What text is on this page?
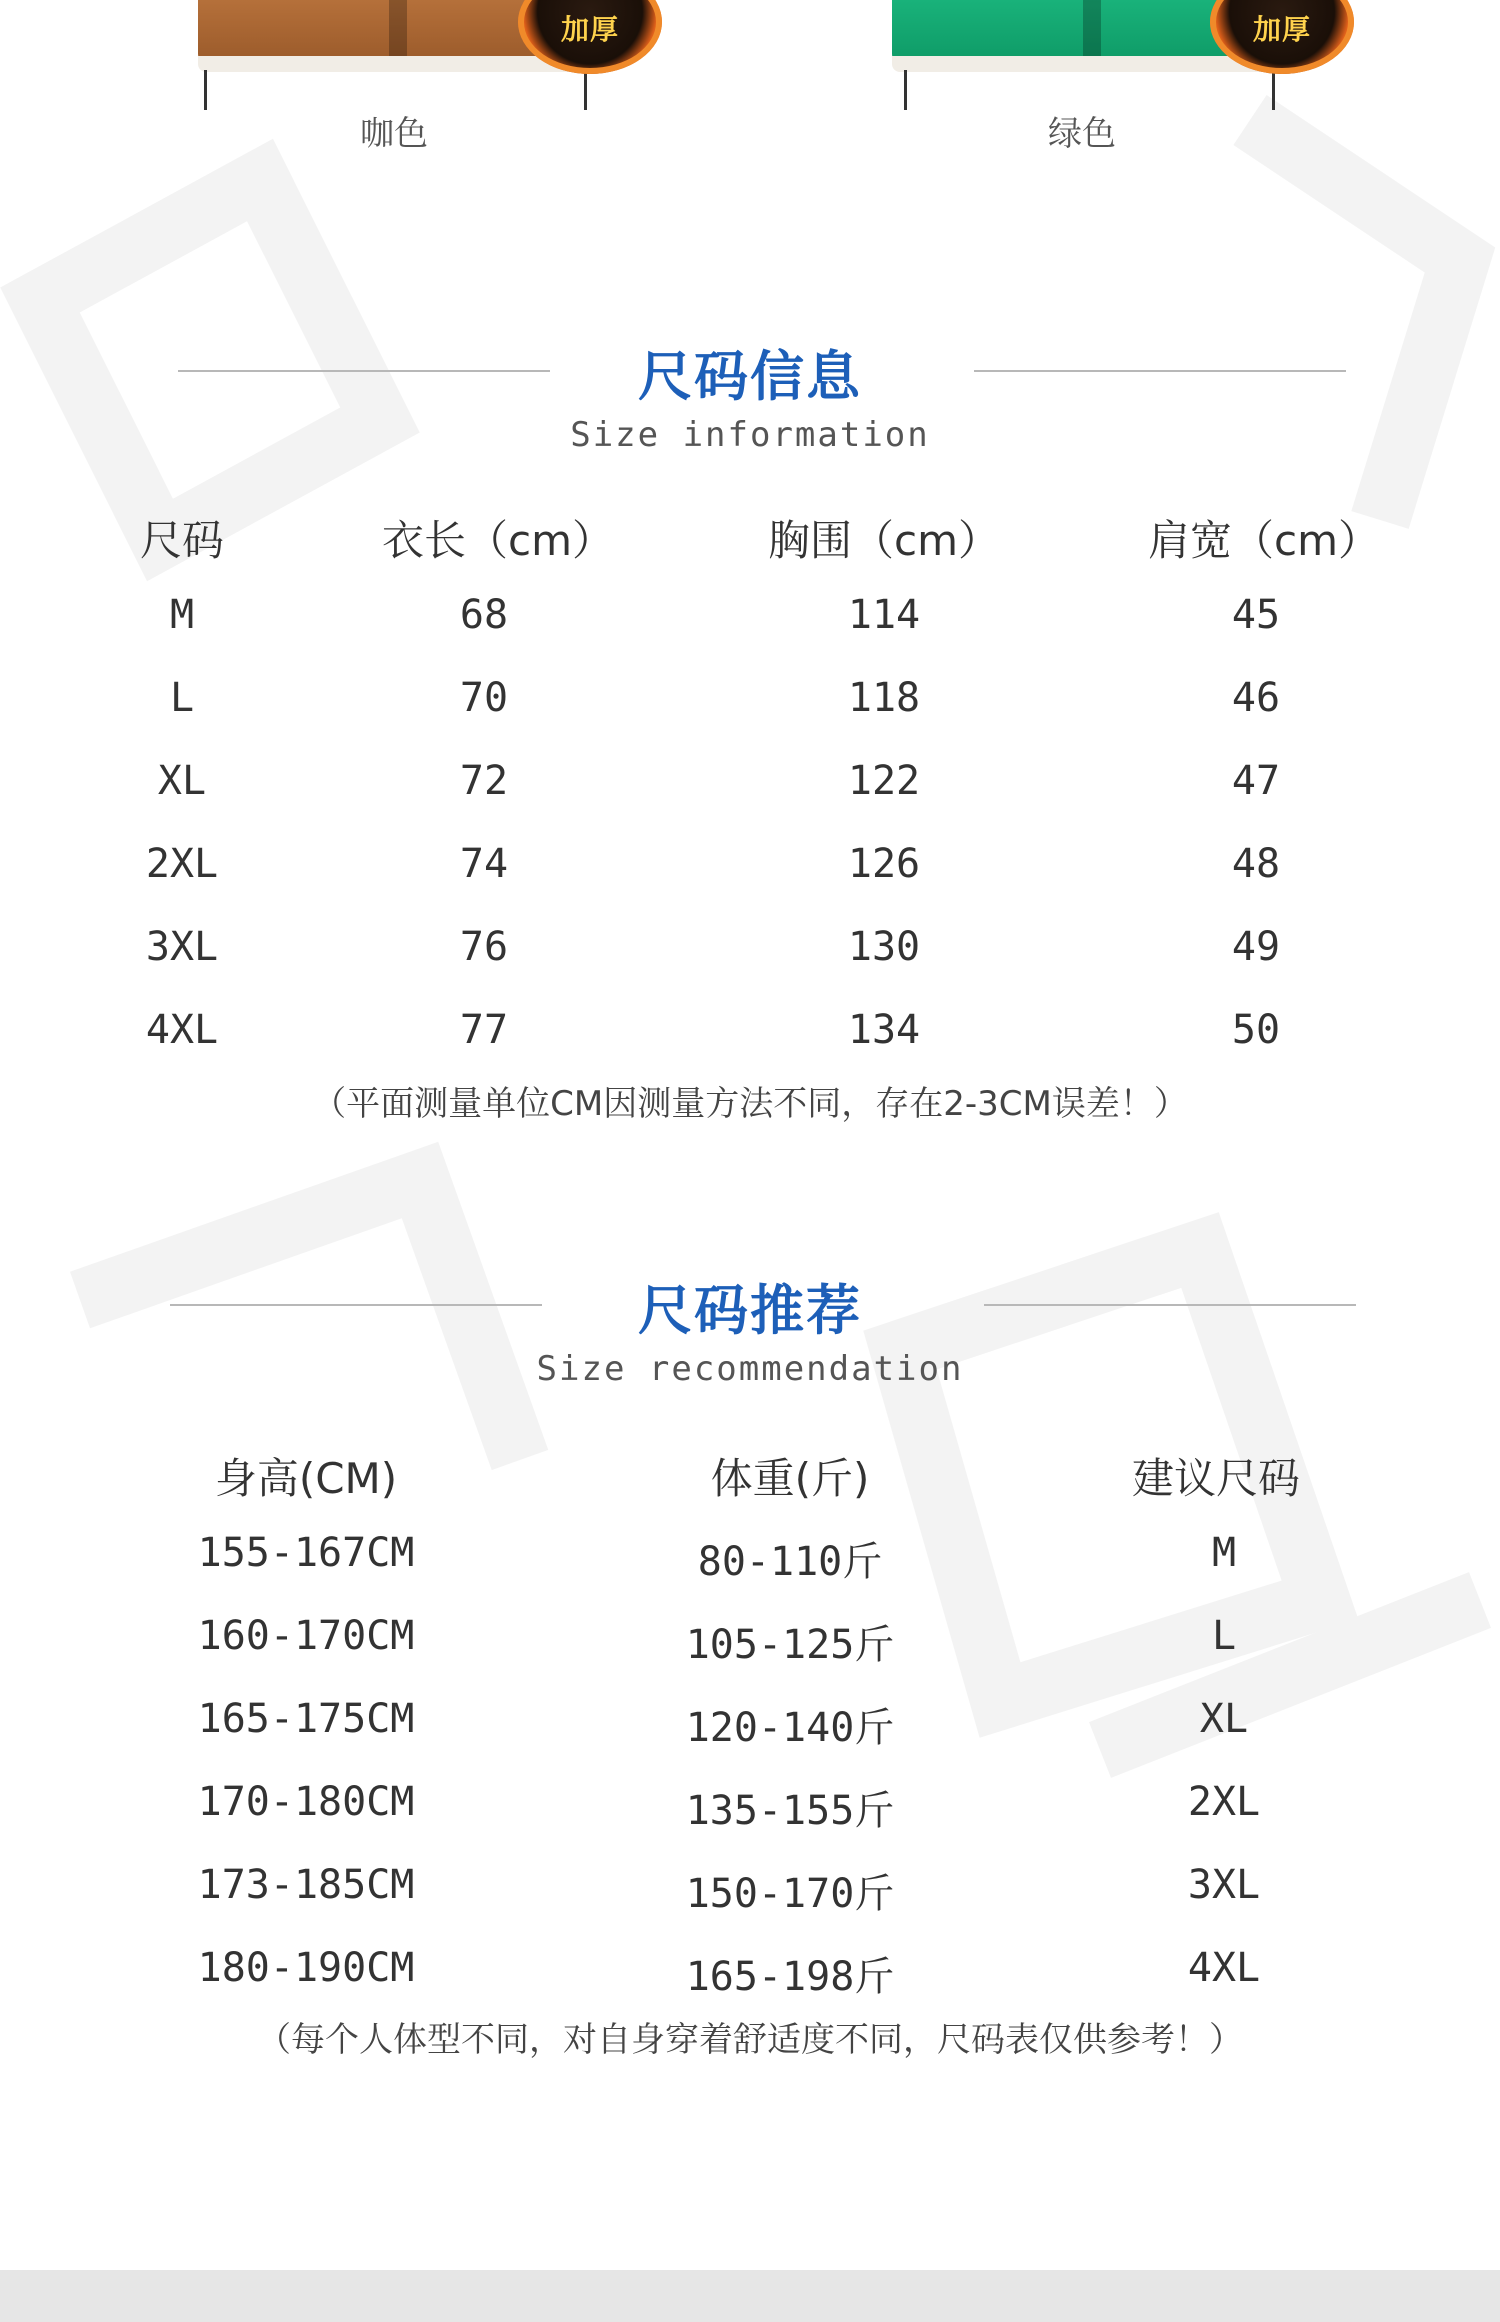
加厚
咖色
加厚
绿色
尺码信息
Size information
尺码	衣长（cm）	胸围（cm）	肩宽（cm）
M	68	114	45
L	70	118	46
XL	72	122	47
2XL	74	126	48
3XL	76	130	49
4XL	77	134	50
（平面测量单位CM因测量方法不同，存在2-3CM误差！）
尺码推荐
Size recommendation
身高(CM)	体重(斤)	建议尺码
155-167CM	80-110斤	M
160-170CM	105-125斤	L
165-175CM	120-140斤	XL
170-180CM	135-155斤	2XL
173-185CM	150-170斤	3XL
180-190CM	165-198斤	4XL
（每个人体型不同，对自身穿着舒适度不同，尺码表仅供参考！）
